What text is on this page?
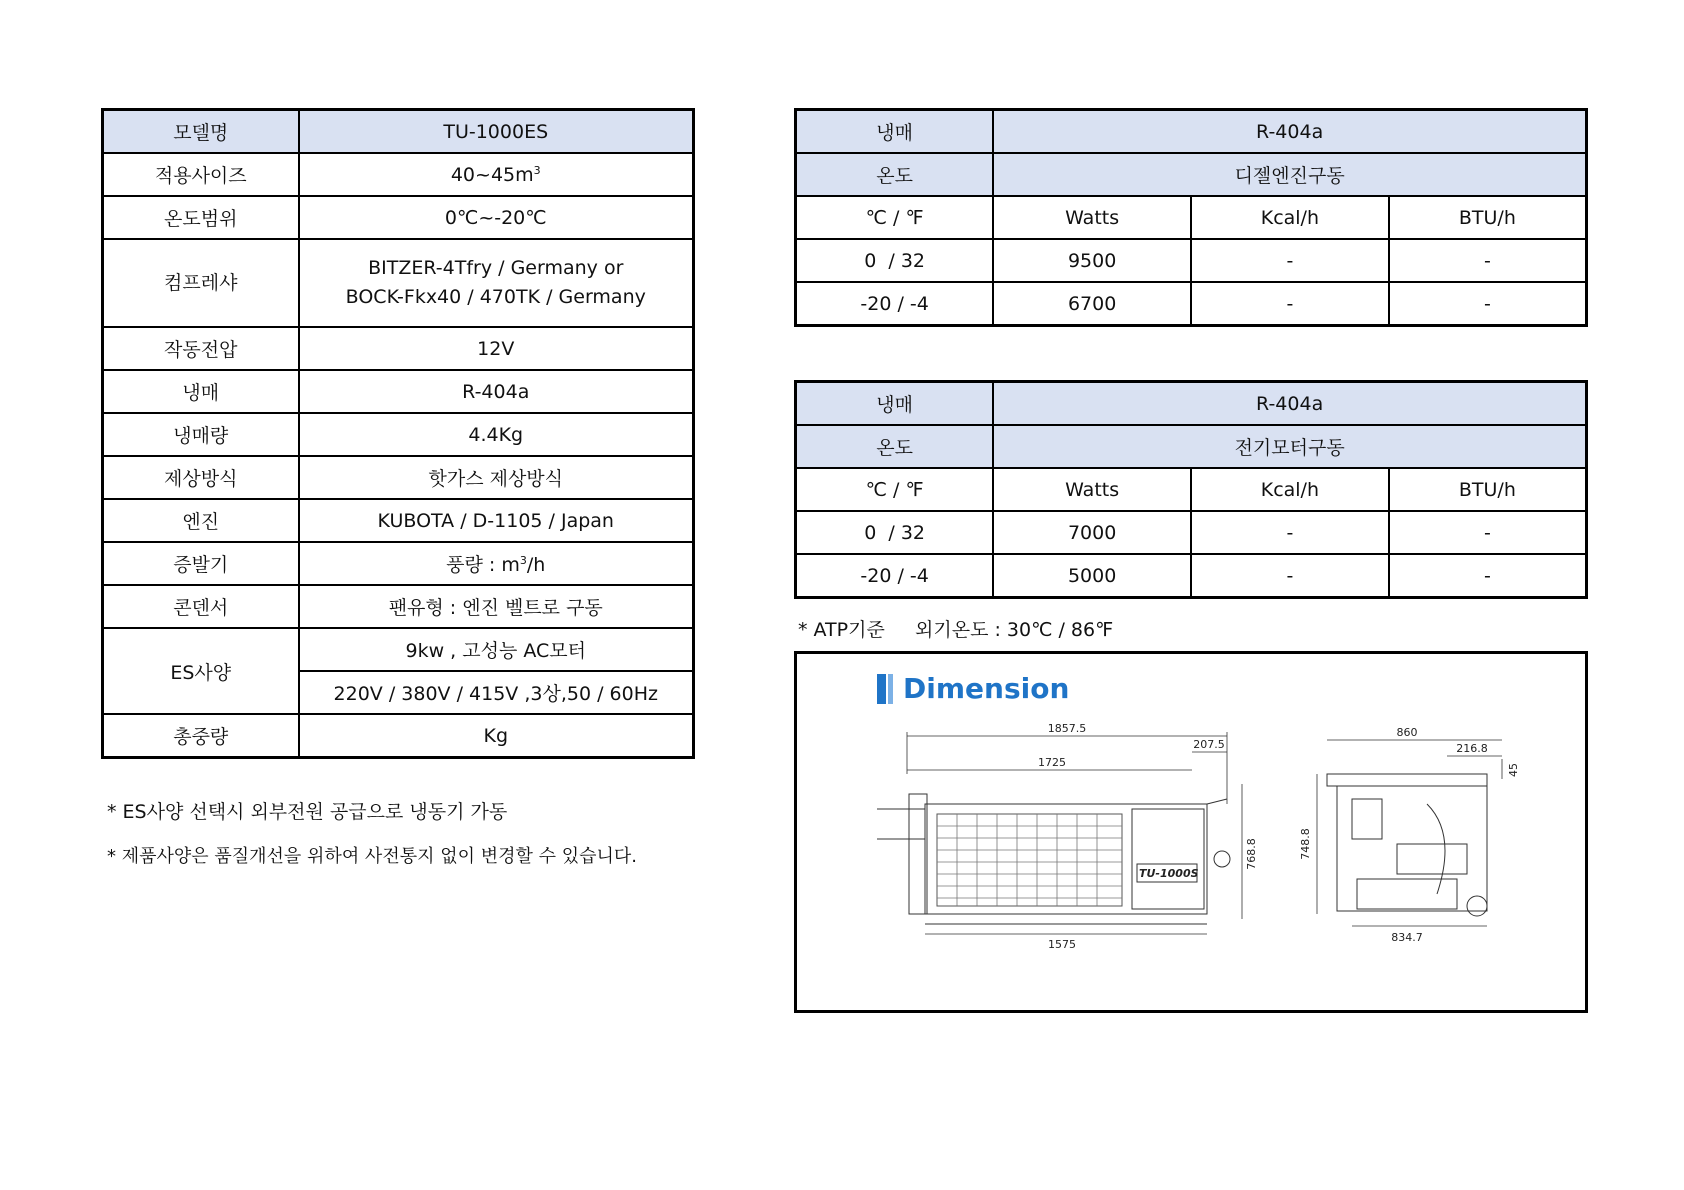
모델명	TU-1000ES
적용사이즈	$40\sim 45m^3$
온도범위	0℃~-20℃
컴프레샤	BITZER-4Tfry / Germany or
BOCK-Fkx40 / 470TK / Germany

작동전압	12V
냉매	R-404a
냉매량	4.4Kg
제상방식	핫가스 제상방식
엔진	KUBOTA / D-1105 / Japan
증발기	풍량 : $m^3/h$
콘덴서	팬유형 : 엔진 벨트로 구동
ES사양	9kw , 고성능 AC모터
	220V / 380V / 415V ,3상,50 / 60Hz
총중량	Kg
* ES사양 선택시 외부전원 공급으로 냉동기 가동
* 제품사양은 품질개선을 위하여 사전통지 없이 변경할 수 있습니다.
냉매	R-404a		
온도	디젤엔진구동		
℃ / ℉	Watts	Kcal/h	BTU/h
0  / 32	9500	-	-
-20 / -4	6700	-	-
냉매	R-404a		
온도	전기모터구동		
℃ / ℉	Watts	Kcal/h	BTU/h
0  / 32	7000	-	-
-20 / -4	5000	-	-
* ATP기준     외기온도 : 30℃ / 86℉
TU-1000S
1857.5
1725
207.5
1575
768.8
860
216.8
45
748.8
834.7
Dimension
